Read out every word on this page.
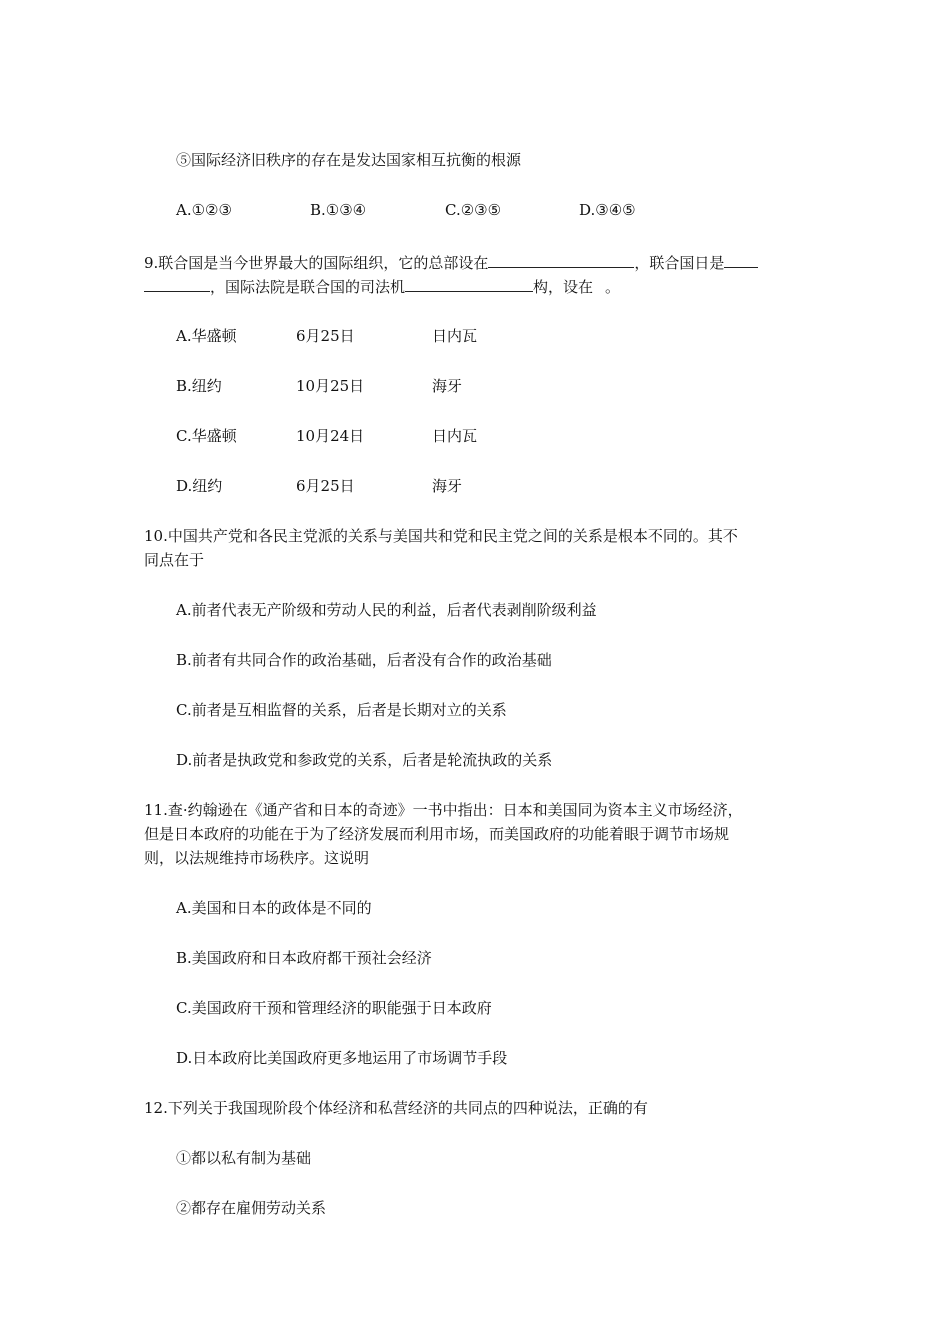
⑤国际经济旧秩序的存在是发达国家相互抗衡的根源
A.①②③	B.①③④	C.②③⑤	D.③④⑤
9.联合国是当今世界最大的国际组织，它的总部设在	，联合国日是
，国际法院是联合国的司法机	构，设在 。
A.华盛顿	6月25日	日内瓦
B.纽约	10月25日	海牙
C.华盛顿	10月24日	日内瓦
D.纽约	6月25日	海牙
10.中国共产党和各民主党派的关系与美国共和党和民主党之间的关系是根本不同的。其不
同点在于
A.前者代表无产阶级和劳动人民的利益，后者代表剥削阶级利益
B.前者有共同合作的政治基础，后者没有合作的政治基础
C.前者是互相监督的关系，后者是长期对立的关系
D.前者是执政党和参政党的关系，后者是轮流执政的关系
11.查·约翰逊在《通产省和日本的奇迹》一书中指出：日本和美国同为资本主义市场经济，
但是日本政府的功能在于为了经济发展而利用市场，而美国政府的功能着眼于调节市场规
则，以法规维持市场秩序。这说明
A.美国和日本的政体是不同的
B.美国政府和日本政府都干预社会经济
C.美国政府干预和管理经济的职能强于日本政府
D.日本政府比美国政府更多地运用了市场调节手段
12.下列关于我国现阶段个体经济和私营经济的共同点的四种说法，正确的有
①都以私有制为基础
②都存在雇佣劳动关系
